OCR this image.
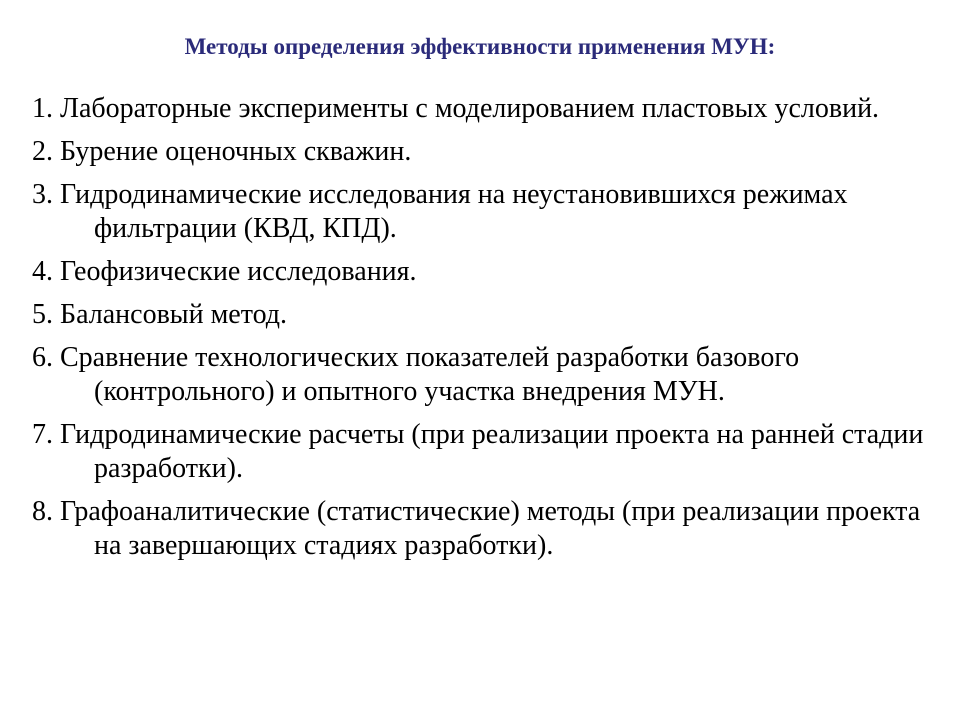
Методы определения эффективности применения МУН:
1. Лабораторные эксперименты с моделированием пластовых условий.
2. Бурение оценочных скважин.
3. Гидродинамические исследования на неустановившихся режимах фильтрации (КВД, КПД).
4. Геофизические исследования.
5. Балансовый метод.
6. Сравнение технологических показателей разработки базового (контрольного) и опытного участка внедрения МУН.
7. Гидродинамические расчеты (при реализации проекта на ранней стадии разработки).
8. Графоаналитические (статистические) методы (при реализации проекта на завершающих стадиях разработки).
